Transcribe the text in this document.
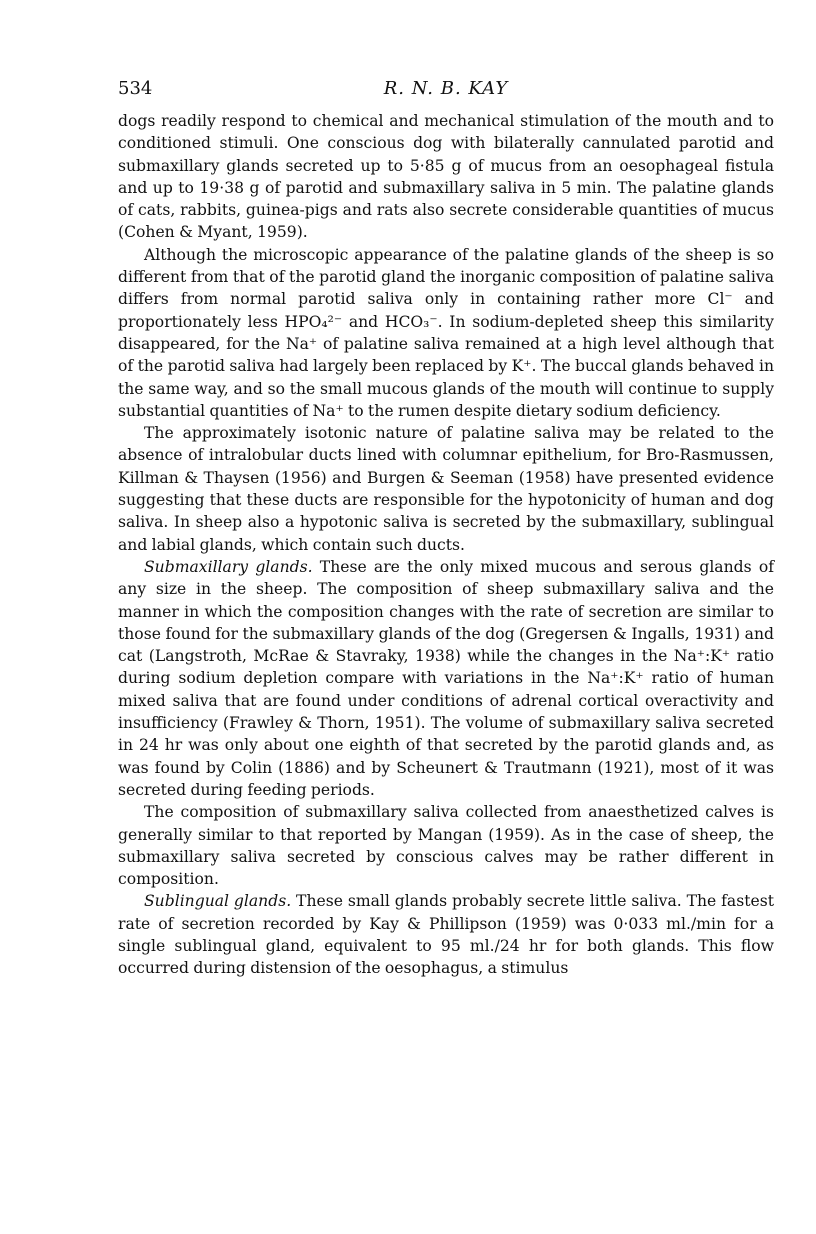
534	R. N. B. KAY

dogs readily respond to chemical and mechanical stimulation of the mouth and to conditioned stimuli. One conscious dog with bilaterally cannulated parotid and submaxillary glands secreted up to 5·85 g of mucus from an oesophageal fistula and up to 19·38 g of parotid and submaxillary saliva in 5 min. The palatine glands of cats, rabbits, guinea-pigs and rats also secrete considerable quantities of mucus (Cohen & Myant, 1959).

Although the microscopic appearance of the palatine glands of the sheep is so different from that of the parotid gland the inorganic composition of palatine saliva differs from normal parotid saliva only in containing rather more Cl⁻ and proportionately less HPO₄²⁻ and HCO₃⁻. In sodium-depleted sheep this similarity disappeared, for the Na⁺ of palatine saliva remained at a high level although that of the parotid saliva had largely been replaced by K⁺. The buccal glands behaved in the same way, and so the small mucous glands of the mouth will continue to supply substantial quantities of Na⁺ to the rumen despite dietary sodium deficiency.

The approximately isotonic nature of palatine saliva may be related to the absence of intralobular ducts lined with columnar epithelium, for Bro-Rasmussen, Killman & Thaysen (1956) and Burgen & Seeman (1958) have presented evidence suggesting that these ducts are responsible for the hypotonicity of human and dog saliva. In sheep also a hypotonic saliva is secreted by the submaxillary, sublingual and labial glands, which contain such ducts.

Submaxillary glands. These are the only mixed mucous and serous glands of any size in the sheep. The composition of sheep submaxillary saliva and the manner in which the composition changes with the rate of secretion are similar to those found for the submaxillary glands of the dog (Gregersen & Ingalls, 1931) and cat (Langstroth, McRae & Stavraky, 1938) while the changes in the Na⁺:K⁺ ratio during sodium depletion compare with variations in the Na⁺:K⁺ ratio of human mixed saliva that are found under conditions of adrenal cortical overactivity and insufficiency (Frawley & Thorn, 1951). The volume of submaxillary saliva secreted in 24 hr was only about one eighth of that secreted by the parotid glands and, as was found by Colin (1886) and by Scheunert & Trautmann (1921), most of it was secreted during feeding periods.

The composition of submaxillary saliva collected from anaesthetized calves is generally similar to that reported by Mangan (1959). As in the case of sheep, the submaxillary saliva secreted by conscious calves may be rather different in composition.

Sublingual glands. These small glands probably secrete little saliva. The fastest rate of secretion recorded by Kay & Phillipson (1959) was 0·033 ml./min for a single sublingual gland, equivalent to 95 ml./24 hr for both glands. This flow occurred during distension of the oesophagus, a stimulus
